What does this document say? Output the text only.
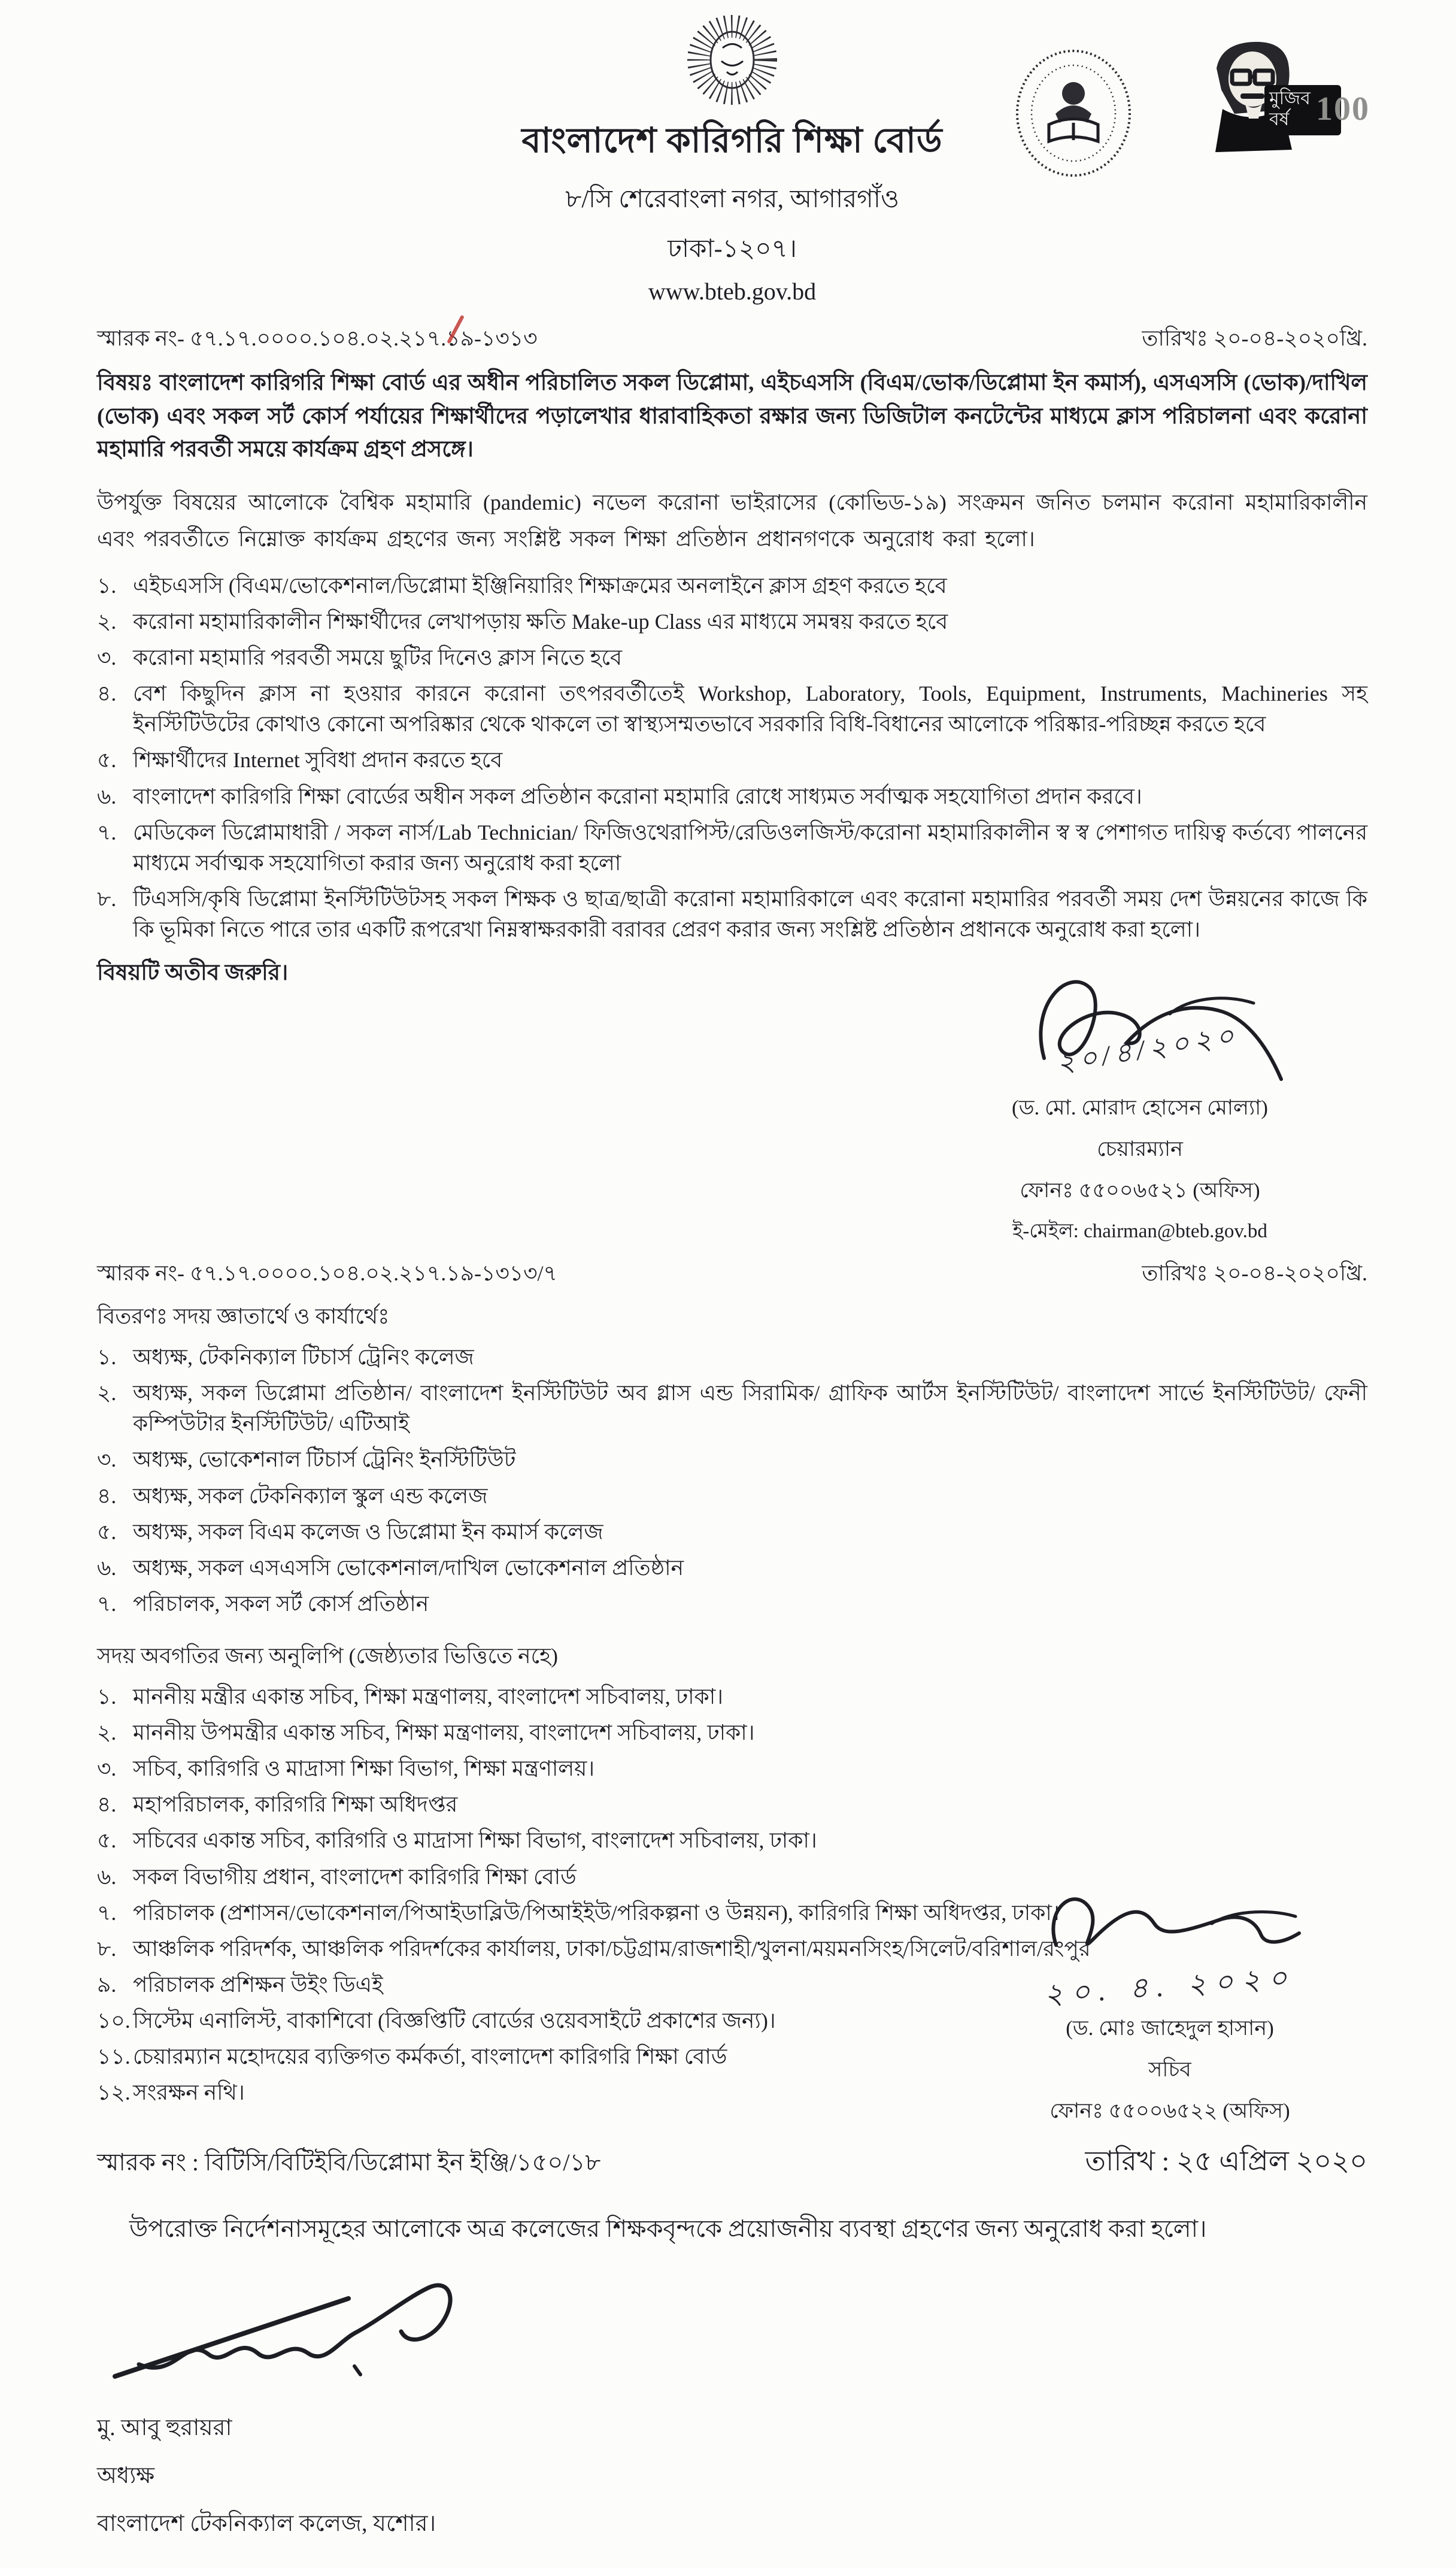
বাংলাদেশ কারিগরি শিক্ষা বোর্ড
৮/সি শেরেবাংলা নগর, আগারগাঁও
ঢাকা-১২০৭।
www.bteb.gov.bd
মুজিব
বর্ষ 100
স্মারক নং- ৫৭.১৭.০০০০.১০৪.০২.২১৭.১৯-১৩১৩	তারিখঃ ২০-০৪-২০২০খ্রি.
বিষয়ঃ বাংলাদেশ কারিগরি শিক্ষা বোর্ড এর অধীন পরিচালিত সকল ডিপ্লোমা, এইচএসসি (বিএম/ভোক/ডিপ্লোমা ইন কমার্স), এসএসসি (ভোক)/দাখিল (ভোক) এবং সকল সর্ট কোর্স পর্যায়ের শিক্ষার্থীদের পড়ালেখার ধারাবাহিকতা রক্ষার জন্য ডিজিটাল কনটেন্টের মাধ্যমে ক্লাস পরিচালনা এবং করোনা মহামারি পরবর্তী সময়ে কার্যক্রম গ্রহণ প্রসঙ্গে।
উপর্যুক্ত বিষয়ের আলোকে বৈশ্বিক মহামারি (pandemic) নভেল করোনা ভাইরাসের (কোভিড-১৯) সংক্রমন জনিত চলমান করোনা মহামারিকালীন এবং পরবর্তীতে নিম্নোক্ত কার্যক্রম গ্রহণের জন্য সংশ্লিষ্ট সকল শিক্ষা প্রতিষ্ঠান প্রধানগণকে অনুরোধ করা হলো।
১. এইচএসসি (বিএম/ভোকেশনাল/ডিপ্লোমা ইঞ্জিনিয়ারিং শিক্ষাক্রমের অনলাইনে ক্লাস গ্রহণ করতে হবে
২. করোনা মহামারিকালীন শিক্ষার্থীদের লেখাপড়ায় ক্ষতি Make-up Class এর মাধ্যমে সমন্বয় করতে হবে
৩. করোনা মহামারি পরবর্তী সময়ে ছুটির দিনেও ক্লাস নিতে হবে
৪. বেশ কিছুদিন ক্লাস না হওয়ার কারনে করোনা তৎপরবর্তীতেই Workshop, Laboratory, Tools, Equipment, Instruments, Machineries সহ ইনস্টিটিউটের কোথাও কোনো অপরিষ্কার থেকে থাকলে তা স্বাস্থ্যসম্মতভাবে সরকারি বিধি-বিধানের আলোকে পরিষ্কার-পরিচ্ছন্ন করতে হবে
৫. শিক্ষার্থীদের Internet সুবিধা প্রদান করতে হবে
৬. বাংলাদেশ কারিগরি শিক্ষা বোর্ডের অধীন সকল প্রতিষ্ঠান করোনা মহামারি রোধে সাধ্যমত সর্বাত্মক সহযোগিতা প্রদান করবে।
৭. মেডিকেল ডিপ্লোমাধারী / সকল নার্স/Lab Technician/ ফিজিওথেরাপিস্ট/রেডিওলজিস্ট/করোনা মহামারিকালীন স্ব স্ব পেশাগত দায়িত্ব কর্তব্যে পালনের মাধ্যমে সর্বাত্মক সহযোগিতা করার জন্য অনুরোধ করা হলো
৮. টিএসসি/কৃষি ডিপ্লোমা ইনস্টিটিউটসহ সকল শিক্ষক ও ছাত্র/ছাত্রী করোনা মহামারিকালে এবং করোনা মহামারির পরবর্তী সময় দেশ উন্নয়নের কাজে কি কি ভূমিকা নিতে পারে তার একটি রূপরেখা নিম্নস্বাক্ষরকারী বরাবর প্রেরণ করার জন্য সংশ্লিষ্ট প্রতিষ্ঠান প্রধানকে অনুরোধ করা হলো।
বিষয়টি অতীব জরুরি।
২০/৪/২০২০
(ড. মো. মোরাদ হোসেন মোল্যা)
চেয়ারম্যান
ফোনঃ ৫৫০০৬৫২১ (অফিস)
ই-মেইল: chairman@bteb.gov.bd
স্মারক নং- ৫৭.১৭.০০০০.১০৪.০২.২১৭.১৯-১৩১৩/৭	তারিখঃ ২০-০৪-২০২০খ্রি.
বিতরণঃ সদয় জ্ঞাতার্থে ও কার্যার্থেঃ
১. অধ্যক্ষ, টেকনিক্যাল টিচার্স ট্রেনিং কলেজ
২. অধ্যক্ষ, সকল ডিপ্লোমা প্রতিষ্ঠান/ বাংলাদেশ ইনস্টিটিউট অব গ্লাস এন্ড সিরামিক/ গ্রাফিক আর্টস ইনস্টিটিউট/ বাংলাদেশ সার্ভে ইনস্টিটিউট/ ফেনী কম্পিউটার ইনস্টিটিউট/ এটিআই
৩. অধ্যক্ষ, ভোকেশনাল টিচার্স ট্রেনিং ইনস্টিটিউট
৪. অধ্যক্ষ, সকল টেকনিক্যাল স্কুল এন্ড কলেজ
৫. অধ্যক্ষ, সকল বিএম কলেজ ও ডিপ্লোমা ইন কমার্স কলেজ
৬. অধ্যক্ষ, সকল এসএসসি ভোকেশনাল/দাখিল ভোকেশনাল প্রতিষ্ঠান
৭. পরিচালক, সকল সর্ট কোর্স প্রতিষ্ঠান
সদয় অবগতির জন্য অনুলিপি (জেষ্ঠ্যতার ভিত্তিতে নহে)
১. মাননীয় মন্ত্রীর একান্ত সচিব, শিক্ষা মন্ত্রণালয়, বাংলাদেশ সচিবালয়, ঢাকা।
২. মাননীয় উপমন্ত্রীর একান্ত সচিব, শিক্ষা মন্ত্রণালয়, বাংলাদেশ সচিবালয়, ঢাকা।
৩. সচিব, কারিগরি ও মাদ্রাসা শিক্ষা বিভাগ, শিক্ষা মন্ত্রণালয়।
৪. মহাপরিচালক, কারিগরি শিক্ষা অধিদপ্তর
৫. সচিবের একান্ত সচিব, কারিগরি ও মাদ্রাসা শিক্ষা বিভাগ, বাংলাদেশ সচিবালয়, ঢাকা।
৬. সকল বিভাগীয় প্রধান, বাংলাদেশ কারিগরি শিক্ষা বোর্ড
৭. পরিচালক (প্রশাসন/ভোকেশনাল/পিআইডাব্লিউ/পিআইইউ/পরিকল্পনা ও উন্নয়ন), কারিগরি শিক্ষা অধিদপ্তর, ঢাকা।
৮. আঞ্চলিক পরিদর্শক, আঞ্চলিক পরিদর্শকের কার্যালয়, ঢাকা/চট্টগ্রাম/রাজশাহী/খুলনা/ময়মনসিংহ/সিলেট/বরিশাল/রংপুর
৯. পরিচালক প্রশিক্ষন উইং ডিএই
১০. সিস্টেম এনালিস্ট, বাকাশিবো (বিজ্ঞপ্তিটি বোর্ডের ওয়েবসাইটে প্রকাশের জন্য)।
১১. চেয়ারম্যান মহোদয়ের ব্যক্তিগত কর্মকর্তা, বাংলাদেশ কারিগরি শিক্ষা বোর্ড
১২. সংরক্ষন নথি।
২০. ৪. ২০২০
(ড. মোঃ জাহেদুল হাসান)
সচিব
ফোনঃ ৫৫০০৬৫২২ (অফিস)
স্মারক নং : বিটিসি/বিটিইবি/ডিপ্লোমা ইন ইঞ্জি/১৫০/১৮	তারিখ : ২৫ এপ্রিল ২০২০
উপরোক্ত নির্দেশনাসমূহের আলোকে অত্র কলেজের শিক্ষকবৃন্দকে প্রয়োজনীয় ব্যবস্থা গ্রহণের জন্য অনুরোধ করা হলো।
মু. আবু হুরায়রা
অধ্যক্ষ
বাংলাদেশ টেকনিক্যাল কলেজ, যশোর।
